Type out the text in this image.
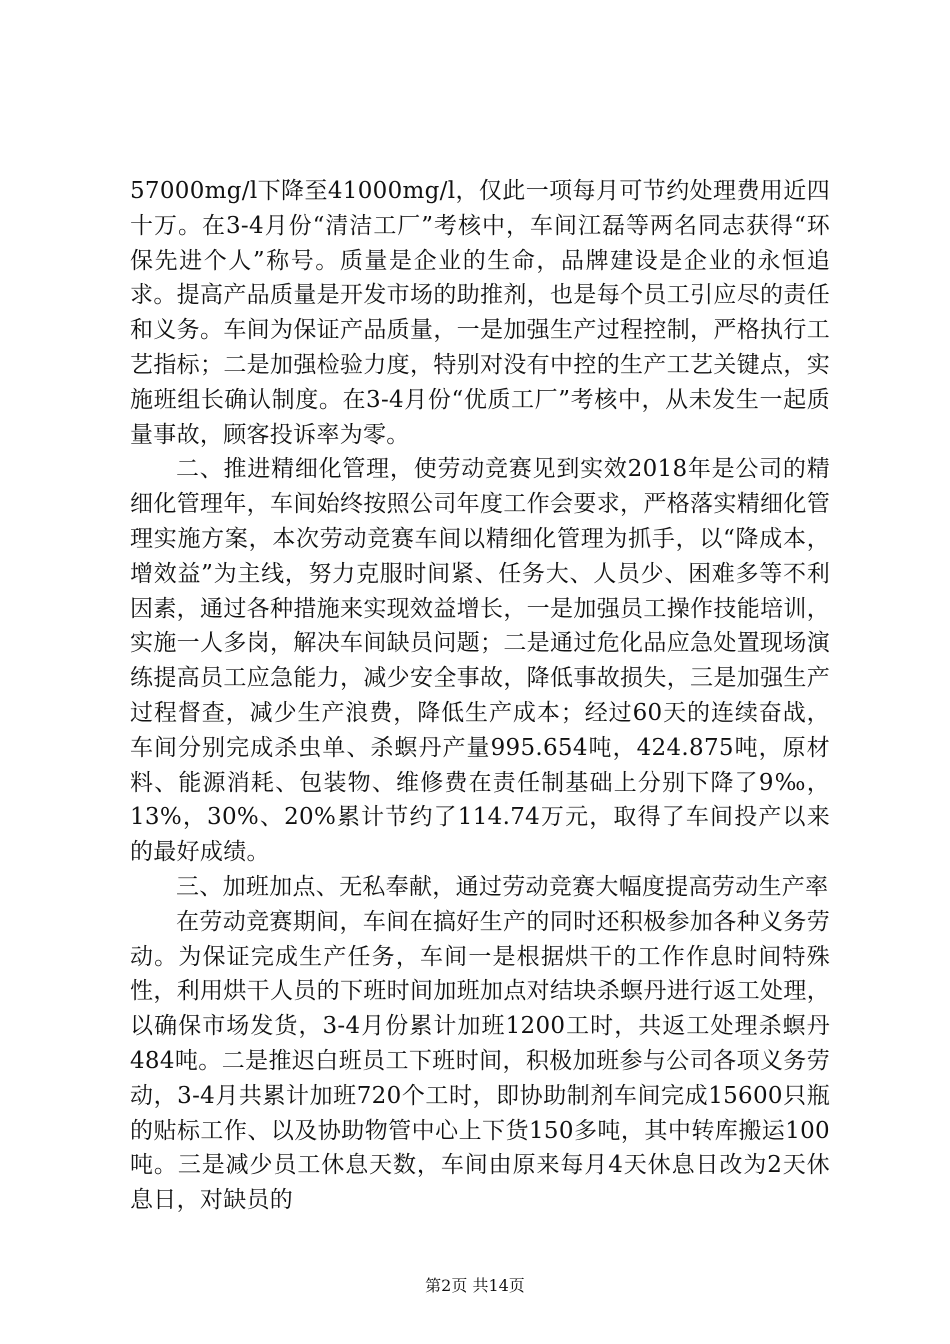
57000mg/l下降至41000mg/l，仅此一项每月可节约处理费用近四十万。在3-4月份“清洁工厂”考核中，车间江磊等两名同志获得“环保先进个人”称号。质量是企业的生命，品牌建设是企业的永恒追求。提高产品质量是开发市场的助推剂，也是每个员工引应尽的责任和义务。车间为保证产品质量，一是加强生产过程控制，严格执行工艺指标；二是加强检验力度，特别对没有中控的生产工艺关键点，实施班组长确认制度。在3-4月份“优质工厂”考核中，从未发生一起质量事故，顾客投诉率为零。

二、推进精细化管理，使劳动竞赛见到实效2018年是公司的精细化管理年，车间始终按照公司年度工作会要求，严格落实精细化管理实施方案，本次劳动竞赛车间以精细化管理为抓手，以“降成本，增效益”为主线，努力克服时间紧、任务大、人员少、困难多等不利因素，通过各种措施来实现效益增长，一是加强员工操作技能培训，实施一人多岗，解决车间缺员问题；二是通过危化品应急处置现场演练提高员工应急能力，减少安全事故，降低事故损失，三是加强生产过程督查，减少生产浪费，降低生产成本；经过60天的连续奋战，车间分别完成杀虫单、杀螟丹产量995.654吨，424.875吨，原材料、能源消耗、包装物、维修费在责任制基础上分别下降了9‰，13%，30%、20%累计节约了114.74万元，取得了车间投产以来的最好成绩。

三、加班加点、无私奉献，通过劳动竞赛大幅度提高劳动生产率

在劳动竞赛期间，车间在搞好生产的同时还积极参加各种义务劳动。为保证完成生产任务，车间一是根据烘干的工作作息时间特殊性，利用烘干人员的下班时间加班加点对结块杀螟丹进行返工处理，以确保市场发货，3-4月份累计加班1200工时，共返工处理杀螟丹484吨。二是推迟白班员工下班时间，积极加班参与公司各项义务劳动，3-4月共累计加班720个工时，即协助制剂车间完成15600只瓶的贴标工作、以及协助物管中心上下货150多吨，其中转库搬运100吨。三是减少员工休息天数，车间由原来每月4天休息日改为2天休息日，对缺员的

第2页 共14页
